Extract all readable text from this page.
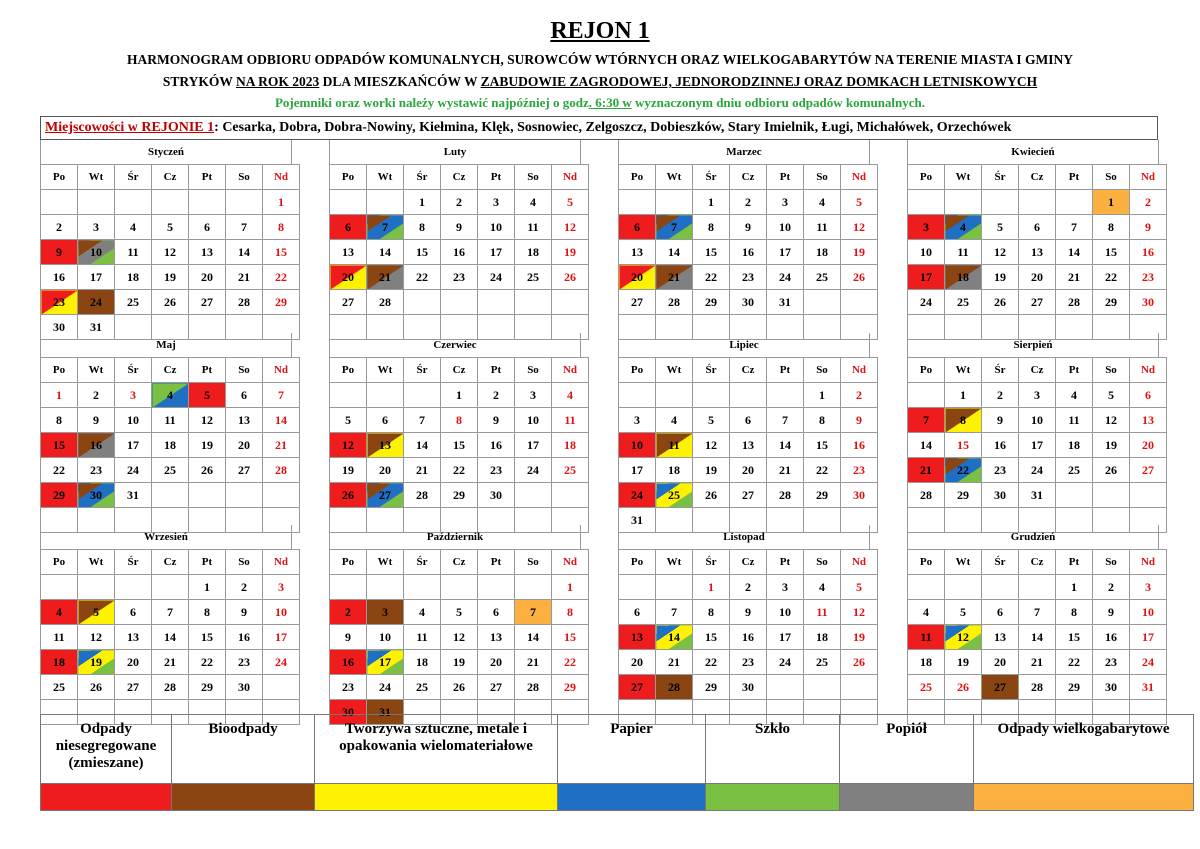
REJON 1
HARMONOGRAM ODBIORU ODPADÓW KOMUNALNYCH, SUROWCÓW WTÓRNYCH ORAZ WIELKOGABARYTÓW NA TERENIE MIASTA I GMINY
STRYKÓW NA ROK 2023 DLA MIESZKAŃCÓW W ZABUDOWIE ZAGRODOWEJ, JEDNORODZINNEJ ORAZ DOMKACH LETNISKOWYCH
Pojemniki oraz worki należy wystawić najpóźniej o godz. 6:30 w wyznaczonym dniu odbioru odpadów komunalnych.
Miejscowości w REJONIE 1: Cesarka, Dobra, Dobra-Nowiny, Kiełmina, Klęk, Sosnowiec, Zelgoszcz, Dobieszków, Stary Imielnik, Ługi, Michałówek, Orzechówek
Styczeń
Po	Wt	Śr	Cz	Pt	So	Nd
						1
2	3	4	5	6	7	8
9	10	11	12	13	14	15
16	17	18	19	20	21	22
23	24	25	26	27	28	29
30	31					
Luty
Po	Wt	Śr	Cz	Pt	So	Nd
		1	2	3	4	5
6	7	8	9	10	11	12
13	14	15	16	17	18	19
20	21	22	23	24	25	26
27	28					

Marzec
Po	Wt	Śr	Cz	Pt	So	Nd
		1	2	3	4	5
6	7	8	9	10	11	12
13	14	15	16	17	18	19
20	21	22	23	24	25	26
27	28	29	30	31		

Kwiecień
Po	Wt	Śr	Cz	Pt	So	Nd
					1	2
3	4	5	6	7	8	9
10	11	12	13	14	15	16
17	18	19	20	21	22	23
24	25	26	27	28	29	30

Maj
Po	Wt	Śr	Cz	Pt	So	Nd
1	2	3	4	5	6	7
8	9	10	11	12	13	14
15	16	17	18	19	20	21
22	23	24	25	26	27	28
29	30	31				

Czerwiec
Po	Wt	Śr	Cz	Pt	So	Nd
			1	2	3	4
5	6	7	8	9	10	11
12	13	14	15	16	17	18
19	20	21	22	23	24	25
26	27	28	29	30		

Lipiec
Po	Wt	Śr	Cz	Pt	So	Nd
					1	2
3	4	5	6	7	8	9
10	11	12	13	14	15	16
17	18	19	20	21	22	23
24	25	26	27	28	29	30
31						
Sierpień
Po	Wt	Śr	Cz	Pt	So	Nd
	1	2	3	4	5	6
7	8	9	10	11	12	13
14	15	16	17	18	19	20
21	22	23	24	25	26	27
28	29	30	31			

Wrzesień
Po	Wt	Śr	Cz	Pt	So	Nd
				1	2	3
4	5	6	7	8	9	10
11	12	13	14	15	16	17
18	19	20	21	22	23	24
25	26	27	28	29	30	

Październik
Po	Wt	Śr	Cz	Pt	So	Nd
						1
2	3	4	5	6	7	8
9	10	11	12	13	14	15
16	17	18	19	20	21	22
23	24	25	26	27	28	29
30	31					
Listopad
Po	Wt	Śr	Cz	Pt	So	Nd
		1	2	3	4	5
6	7	8	9	10	11	12
13	14	15	16	17	18	19
20	21	22	23	24	25	26
27	28	29	30			

Grudzień
Po	Wt	Śr	Cz	Pt	So	Nd
				1	2	3
4	5	6	7	8	9	10
11	12	13	14	15	16	17
18	19	20	21	22	23	24
25	26	27	28	29	30	31

Odpady niesegregowane (zmieszane)	Bioodpady	Tworzywa sztuczne, metale i opakowania wielomateriałowe	Papier	Szkło	Popiół	Odpady wielkogabarytowe
